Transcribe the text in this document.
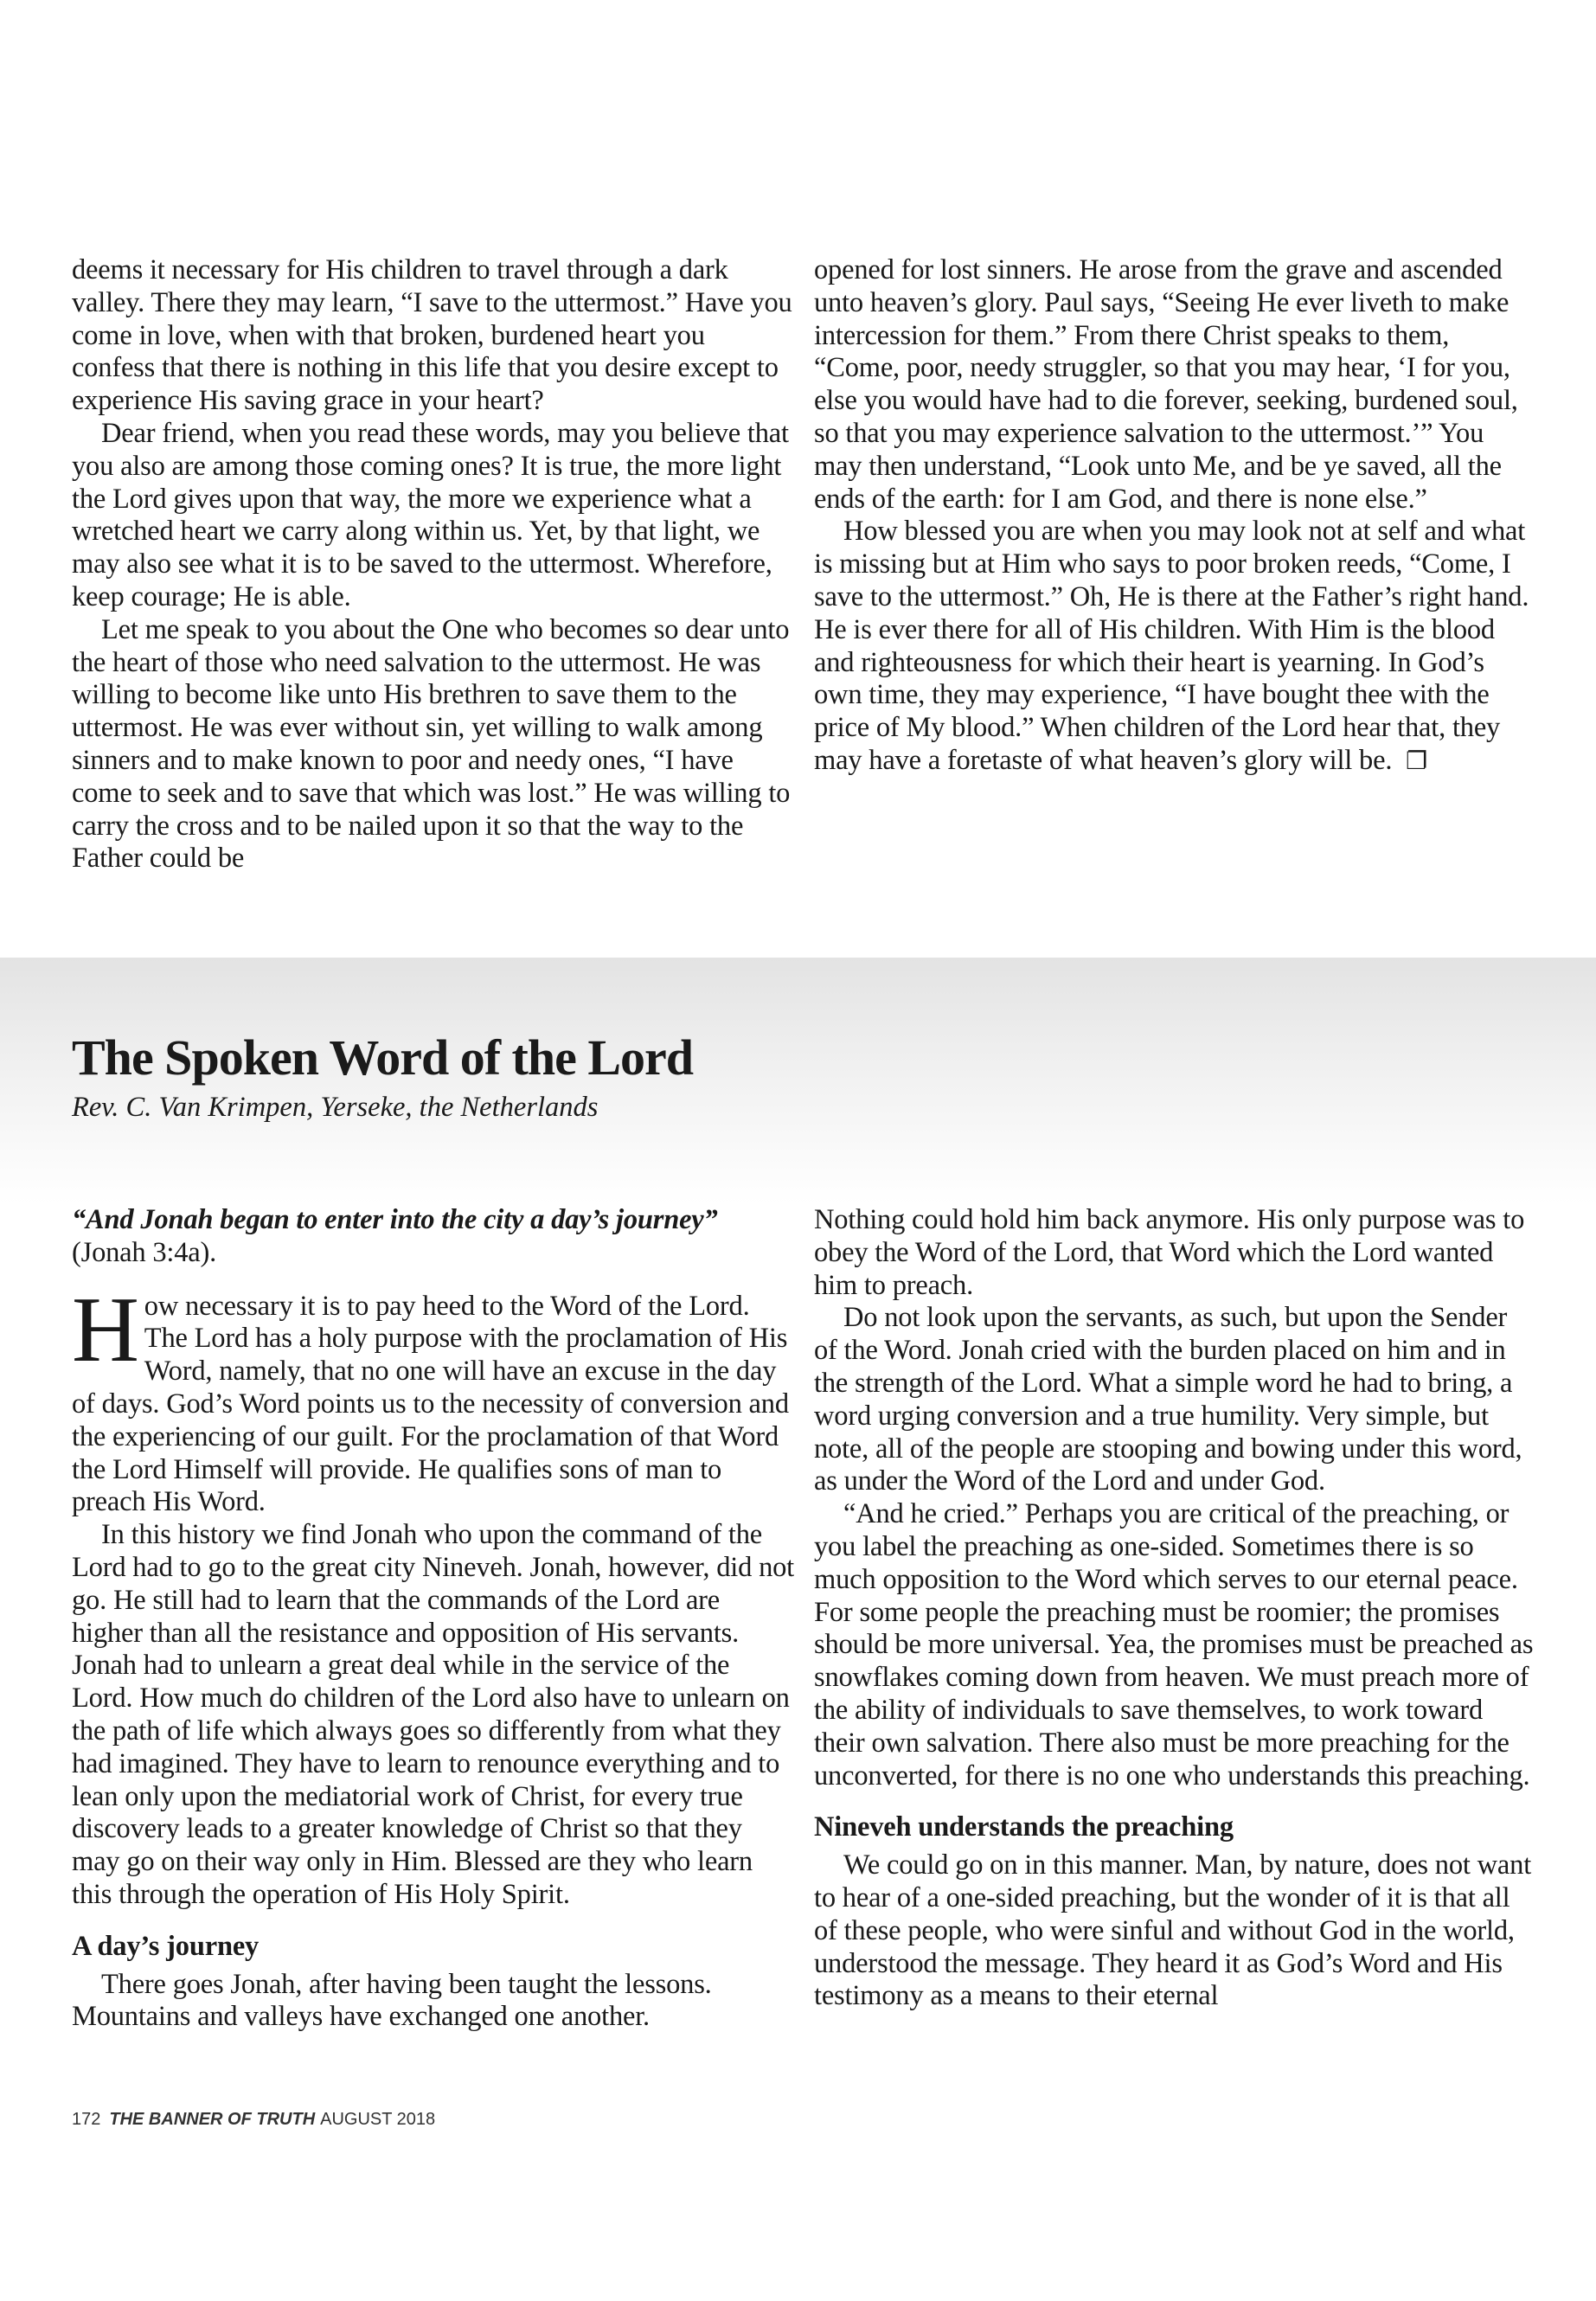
deems it necessary for His children to travel through a dark valley. There they may learn, “I save to the uttermost.” Have you come in love, when with that broken, burdened heart you confess that there is nothing in this life that you desire except to experience His saving grace in your heart?

Dear friend, when you read these words, may you believe that you also are among those coming ones? It is true, the more light the Lord gives upon that way, the more we experience what a wretched heart we carry along within us. Yet, by that light, we may also see what it is to be saved to the uttermost. Wherefore, keep courage; He is able.

Let me speak to you about the One who becomes so dear unto the heart of those who need salvation to the uttermost. He was willing to become like unto His brethren to save them to the uttermost. He was ever without sin, yet willing to walk among sinners and to make known to poor and needy ones, “I have come to seek and to save that which was lost.” He was willing to carry the cross and to be nailed upon it so that the way to the Father could be

opened for lost sinners. He arose from the grave and ascended unto heaven’s glory. Paul says, “Seeing He ever liveth to make intercession for them.” From there Christ speaks to them, “Come, poor, needy struggler, so that you may hear, ‘I for you, else you would have had to die forever, seeking, burdened soul, so that you may experience salvation to the uttermost.’” You may then understand, “Look unto Me, and be ye saved, all the ends of the earth: for I am God, and there is none else.”

How blessed you are when you may look not at self and what is missing but at Him who says to poor broken reeds, “Come, I save to the uttermost.” Oh, He is there at the Father’s right hand. He is ever there for all of His children. With Him is the blood and righteousness for which their heart is yearning. In God’s own time, they may experience, “I have bought thee with the price of My blood.” When children of the Lord hear that, they may have a foretaste of what heaven’s glory will be. ❐

The Spoken Word of the Lord
Rev. C. Van Krimpen, Yerseke, the Netherlands

“And Jonah began to enter into the city a day’s journey”
(Jonah 3:4a).

How necessary it is to pay heed to the Word of the Lord. The Lord has a holy purpose with the proclamation of His Word, namely, that no one will have an excuse in the day of days. God’s Word points us to the necessity of conversion and the experiencing of our guilt. For the proclamation of that Word the Lord Himself will provide. He qualifies sons of man to preach His Word.

In this history we find Jonah who upon the command of the Lord had to go to the great city Nineveh. Jonah, however, did not go. He still had to learn that the commands of the Lord are higher than all the resistance and opposition of His servants. Jonah had to unlearn a great deal while in the service of the Lord. How much do children of the Lord also have to unlearn on the path of life which always goes so differently from what they had imagined. They have to learn to renounce everything and to lean only upon the mediatorial work of Christ, for every true discovery leads to a greater knowledge of Christ so that they may go on their way only in Him. Blessed are they who learn this through the operation of His Holy Spirit.

A day’s journey

There goes Jonah, after having been taught the lessons. Mountains and valleys have exchanged one another.

Nothing could hold him back anymore. His only purpose was to obey the Word of the Lord, that Word which the Lord wanted him to preach.

Do not look upon the servants, as such, but upon the Sender of the Word. Jonah cried with the burden placed on him and in the strength of the Lord. What a simple word he had to bring, a word urging conversion and a true humility. Very simple, but note, all of the people are stooping and bowing under this word, as under the Word of the Lord and under God.

“And he cried.” Perhaps you are critical of the preaching, or you label the preaching as one-sided. Sometimes there is so much opposition to the Word which serves to our eternal peace. For some people the preaching must be roomier; the promises should be more universal. Yea, the promises must be preached as snowflakes coming down from heaven. We must preach more of the ability of individuals to save themselves, to work toward their own salvation. There also must be more preaching for the unconverted, for there is no one who understands this preaching.

Nineveh understands the preaching

We could go on in this manner. Man, by nature, does not want to hear of a one-sided preaching, but the wonder of it is that all of these people, who were sinful and without God in the world, understood the message. They heard it as God’s Word and His testimony as a means to their eternal

172 THE BANNER OF TRUTH AUGUST 2018
